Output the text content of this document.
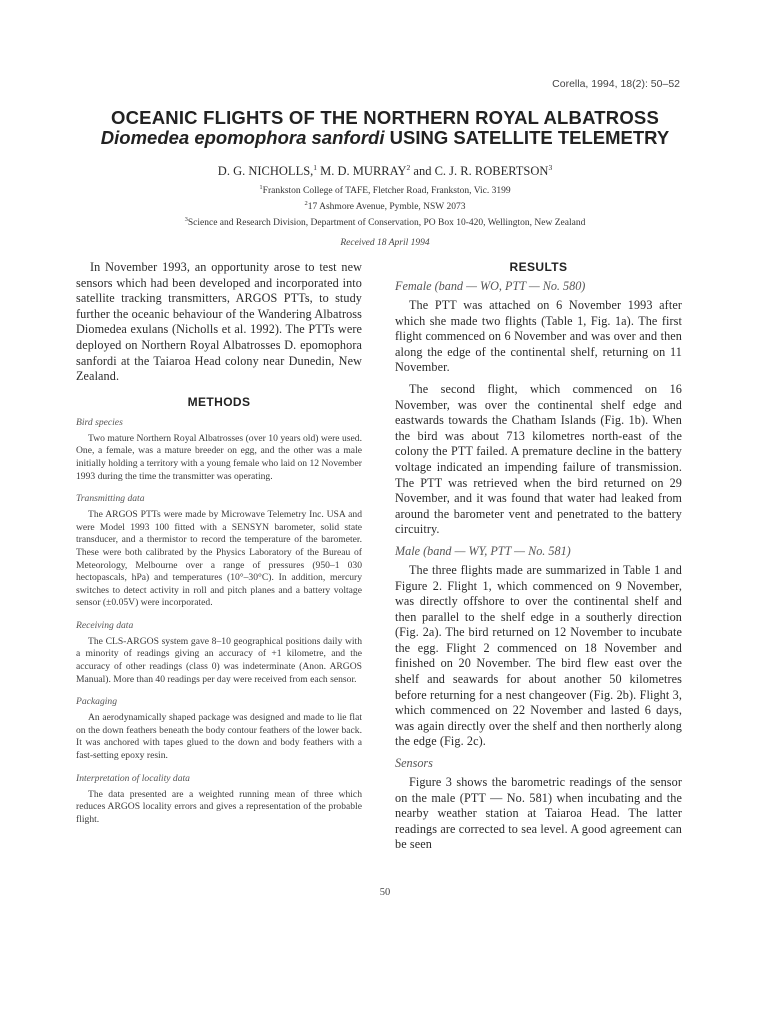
Corella, 1994, 18(2): 50–52
OCEANIC FLIGHTS OF THE NORTHERN ROYAL ALBATROSS
Diomedea epomophora sanfordi USING SATELLITE TELEMETRY
D. G. NICHOLLS,$^1$ M. D. MURRAY$^2$ and C. J. R. ROBERTSON$^3$
$^1$Frankston College of TAFE, Fletcher Road, Frankston, Vic. 3199
$^2$17 Ashmore Avenue, Pymble, NSW 2073
$^3$Science and Research Division, Department of Conservation, PO Box 10-420, Wellington, New Zealand
Received 18 April 1994

In November 1993, an opportunity arose to test new sensors which had been developed and incorporated into satellite tracking transmitters, ARGOS PTTs, to study further the oceanic behaviour of the Wandering Albatross Diomedea exulans (Nicholls et al. 1992). The PTTs were deployed on Northern Royal Albatrosses D. epomophora sanfordi at the Taiaroa Head colony near Dunedin, New Zealand.

METHODS
Bird species

Two mature Northern Royal Albatrosses (over 10 years old) were used. One, a female, was a mature breeder on egg, and the other was a male initially holding a territory with a young female who laid on 12 November 1993 during the time the transmitter was operating.

Transmitting data

The ARGOS PTTs were made by Microwave Telemetry Inc. USA and were Model 1993 100 fitted with a SENSYN barometer, solid state transducer, and a thermistor to record the temperature of the barometer. These were both calibrated by the Physics Laboratory of the Bureau of Meteorology, Melbourne over a range of pressures (950–1 030 hectopascals, hPa) and temperatures (10°–30°C). In addition, mercury switches to detect activity in roll and pitch planes and a battery voltage sensor (±0.05V) were incorporated.

Receiving data

The CLS-ARGOS system gave 8–10 geographical positions daily with a minority of readings giving an accuracy of +1 kilometre, and the accuracy of other readings (class 0) was indeterminate (Anon. ARGOS Manual). More than 40 readings per day were received from each sensor.

Packaging

An aerodynamically shaped package was designed and made to lie flat on the down feathers beneath the body contour feathers of the lower back. It was anchored with tapes glued to the down and body feathers with a fast-setting epoxy resin.

Interpretation of locality data

The data presented are a weighted running mean of three which reduces ARGOS locality errors and gives a representation of the probable flight.

RESULTS
Female (band — WO, PTT — No. 580)

The PTT was attached on 6 November 1993 after which she made two flights (Table 1, Fig. 1a). The first flight commenced on 6 November and was over and then along the edge of the continental shelf, returning on 11 November.

The second flight, which commenced on 16 November, was over the continental shelf edge and eastwards towards the Chatham Islands (Fig. 1b). When the bird was about 713 kilometres north-east of the colony the PTT failed. A premature decline in the battery voltage indicated an impending failure of transmission. The PTT was retrieved when the bird returned on 29 November, and it was found that water had leaked from around the barometer vent and penetrated to the battery circuitry.

Male (band — WY, PTT — No. 581)

The three flights made are summarized in Table 1 and Figure 2. Flight 1, which commenced on 9 November, was directly offshore to over the continental shelf and then parallel to the shelf edge in a southerly direction (Fig. 2a). The bird returned on 12 November to incubate the egg. Flight 2 commenced on 18 November and finished on 20 November. The bird flew east over the shelf and seawards for about another 50 kilometres before returning for a nest changeover (Fig. 2b). Flight 3, which commenced on 22 November and lasted 6 days, was again directly over the shelf and then northerly along the edge (Fig. 2c).

Sensors

Figure 3 shows the barometric readings of the sensor on the male (PTT — No. 581) when incubating and the nearby weather station at Taiaroa Head. The latter readings are corrected to sea level. A good agreement can be seen

50
